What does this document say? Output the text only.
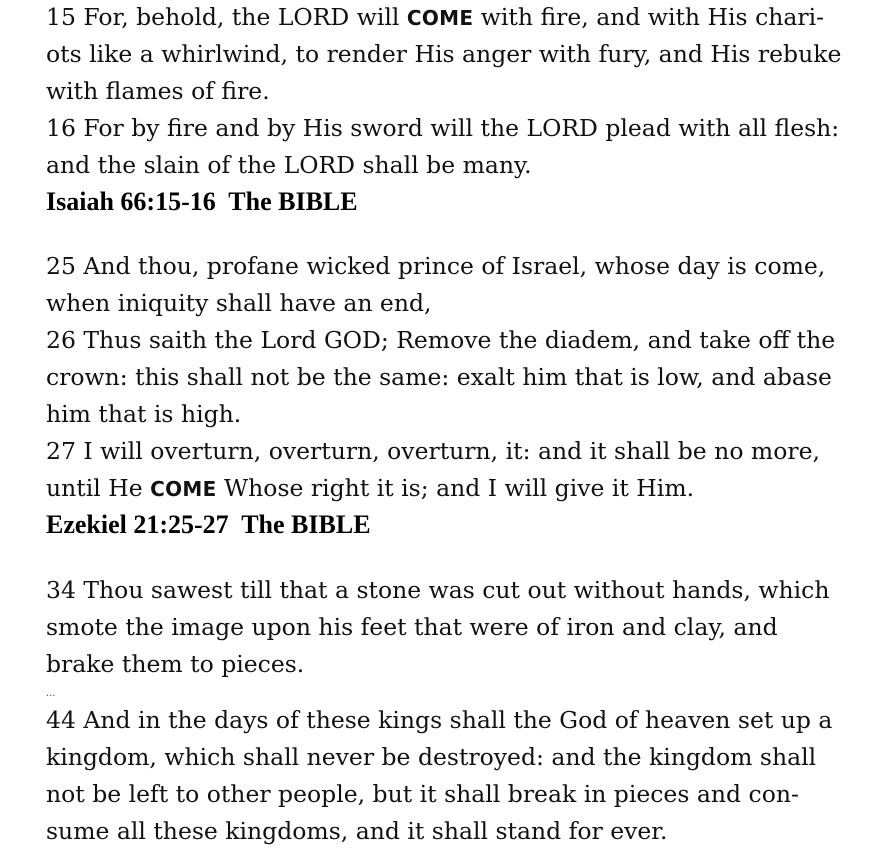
15 For, behold, the LORD will COME with fire, and with His chari-
ots like a whirlwind, to render His anger with fury, and His rebuke
with flames of fire.
16 For by fire and by His sword will the LORD plead with all flesh:
and the slain of the LORD shall be many.
Isaiah 66:15-16  The BIBLE
25 And thou, profane wicked prince of Israel, whose day is come,
when iniquity shall have an end,
26 Thus saith the Lord GOD; Remove the diadem, and take off the
crown: this shall not be the same: exalt him that is low, and abase
him that is high.
27 I will overturn, overturn, overturn, it: and it shall be no more,
until He COME Whose right it is; and I will give it Him.
Ezekiel 21:25-27  The BIBLE
34 Thou sawest till that a stone was cut out without hands, which
smote the image upon his feet that were of iron and clay, and
brake them to pieces.
...
44 And in the days of these kings shall the God of heaven set up a
kingdom, which shall never be destroyed: and the kingdom shall
not be left to other people, but it shall break in pieces and con-
sume all these kingdoms, and it shall stand for ever.
